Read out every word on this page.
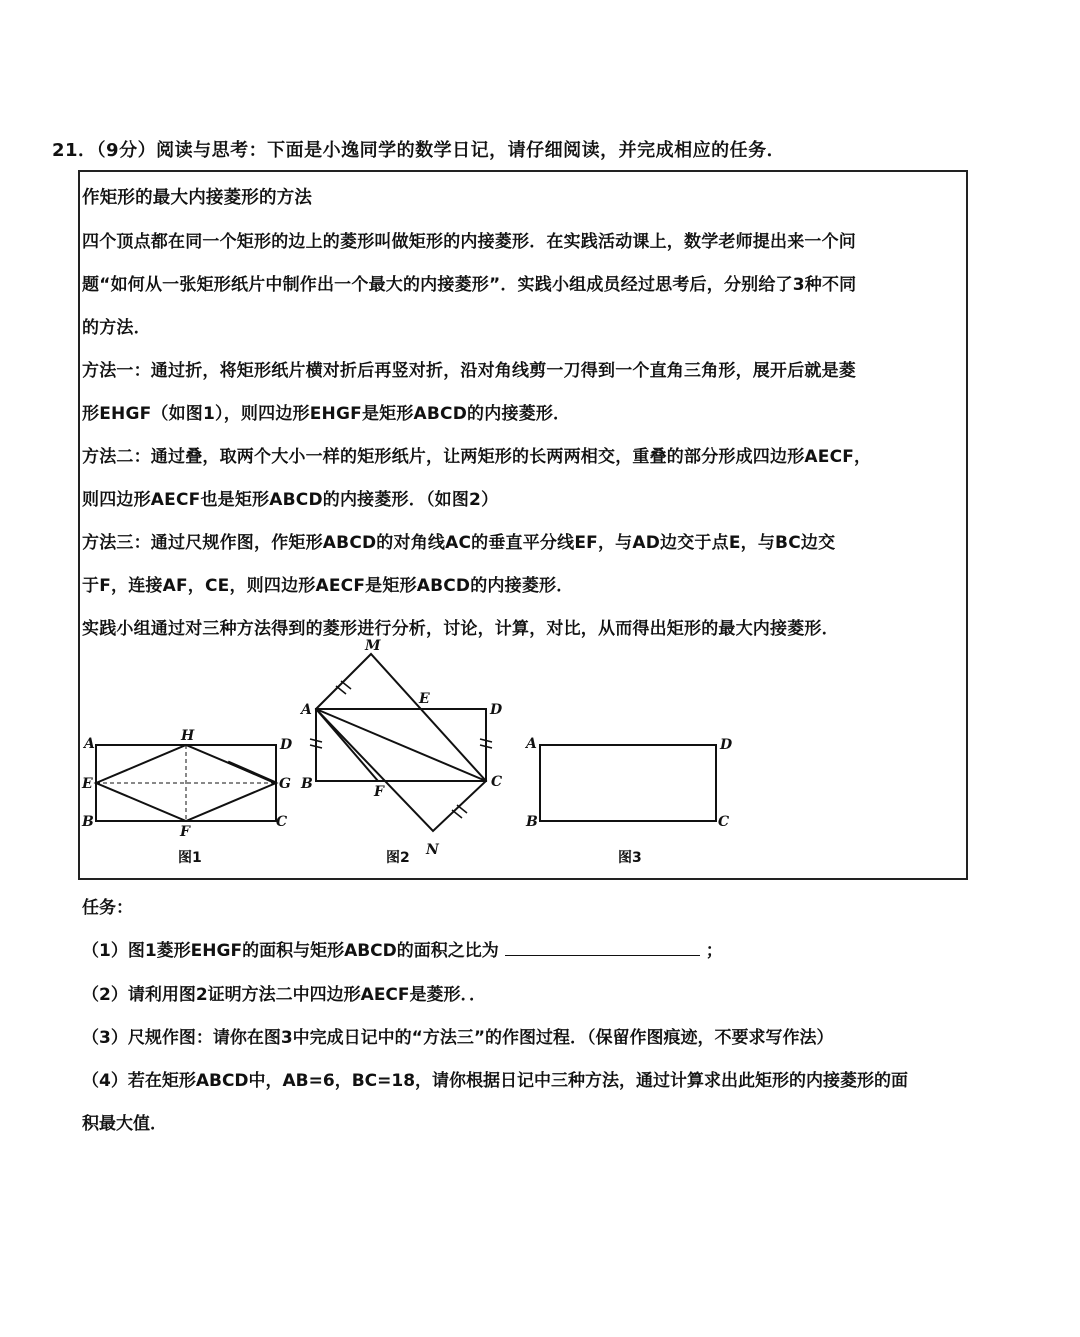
21．（9分）阅读与思考：下面是小逸同学的数学日记，请仔细阅读，并完成相应的任务．
作矩形的最大内接菱形的方法
四个顶点都在同一个矩形的边上的菱形叫做矩形的内接菱形．在实践活动课上，数学老师提出来一个问
题“如何从一张矩形纸片中制作出一个最大的内接菱形”．实践小组成员经过思考后，分别给了3种不同
的方法．
方法一：通过折，将矩形纸片横对折后再竖对折，沿对角线剪一刀得到一个直角三角形，展开后就是菱
形EHGF（如图1），则四边形EHGF是矩形ABCD的内接菱形．
方法二：通过叠，取两个大小一样的矩形纸片，让两矩形的长两两相交，重叠的部分形成四边形AECF，
则四边形AECF也是矩形ABCD的内接菱形．（如图2）
方法三：通过尺规作图，作矩形ABCD的对角线AC的垂直平分线EF，与AD边交于点E，与BC边交
于F，连接AF，CE，则四边形AECF是矩形ABCD的内接菱形．
实践小组通过对三种方法得到的菱形进行分析，讨论，计算，对比，从而得出矩形的最大内接菱形．
A	H
D
E	G
B
F
C
图1
M
A
E
D
B	F
C
N
图2
A	D
B	C
图3
任务：
（1）图1菱形EHGF的面积与矩形ABCD的面积之比为	；
（2）请利用图2证明方法二中四边形AECF是菱形．．
（3）尺规作图：请你在图3中完成日记中的“方法三”的作图过程．（保留作图痕迹，不要求写作法）
（4）若在矩形ABCD中，AB=6，BC=18，请你根据日记中三种方法，通过计算求出此矩形的内接菱形的面
积最大值．
